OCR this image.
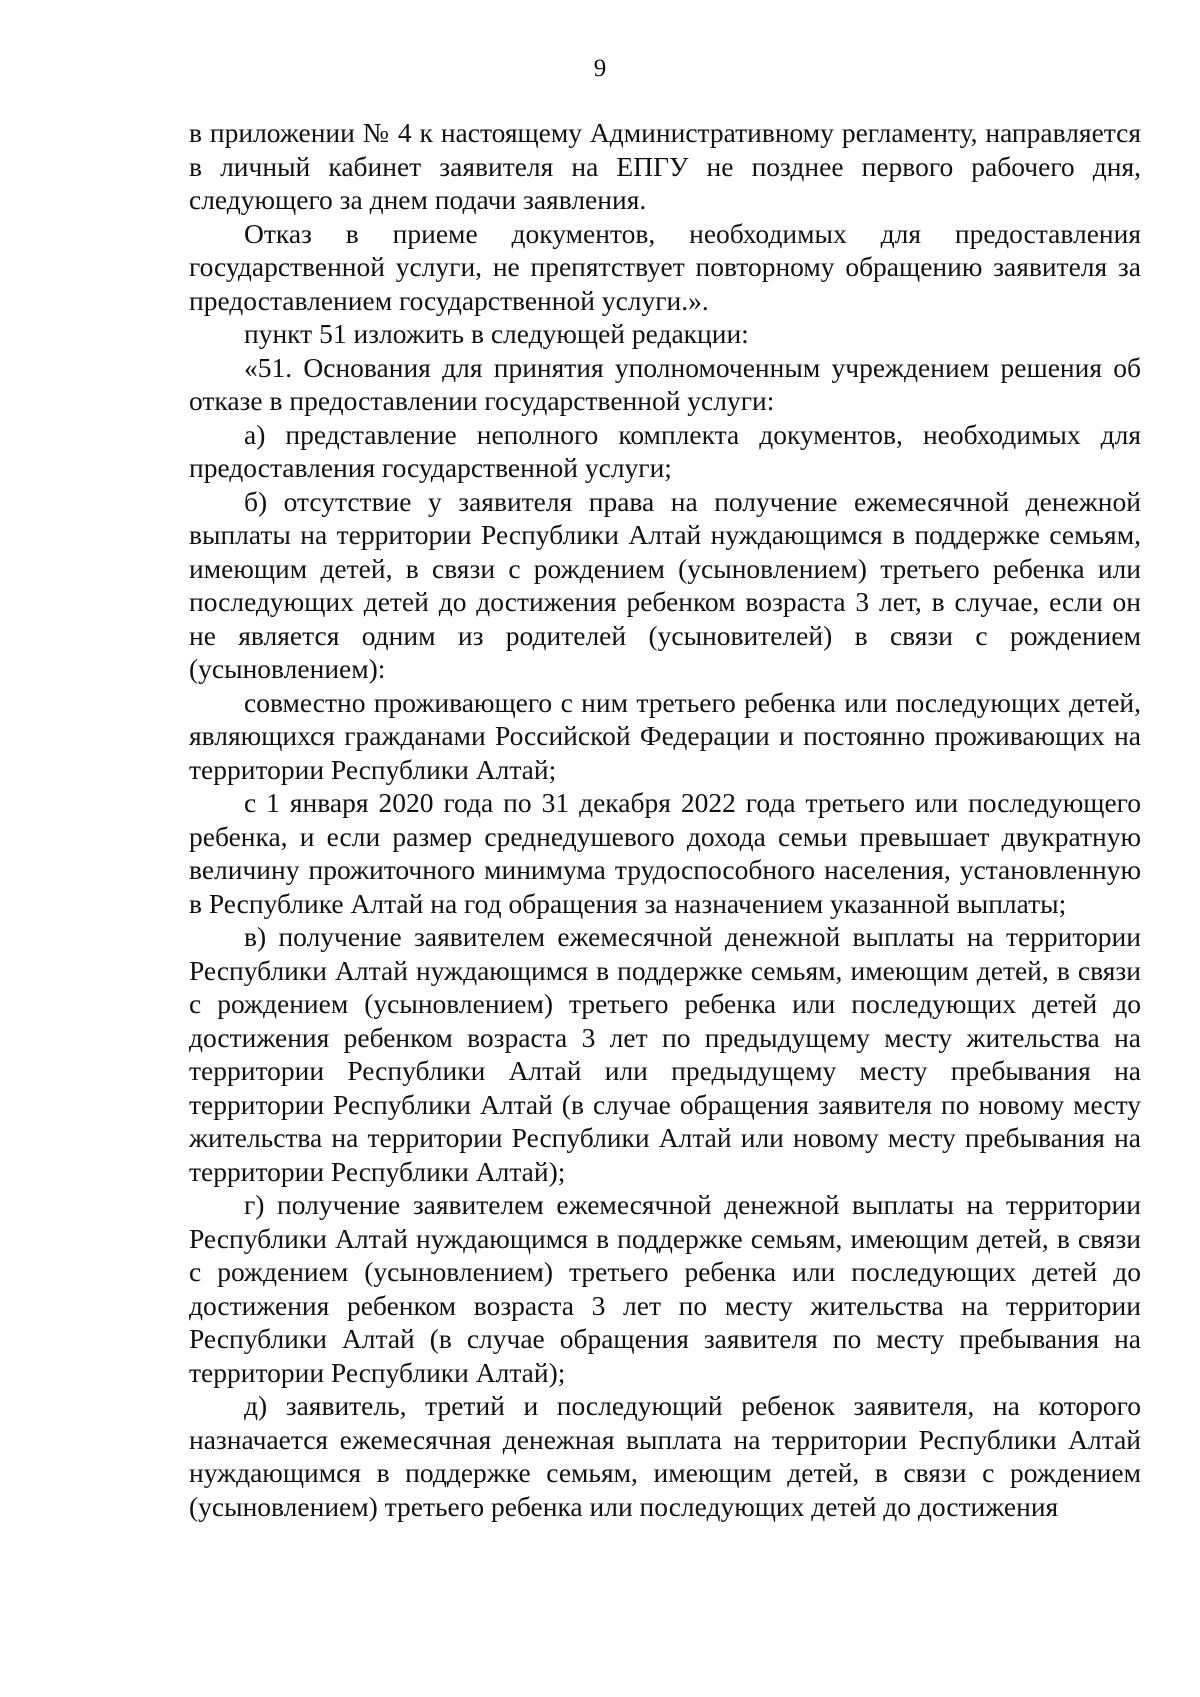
9

в приложении № 4 к настоящему Административному регламенту, направляется в личный кабинет заявителя на ЕПГУ не позднее первого рабочего дня, следующего за днем подачи заявления.

Отказ в приеме документов, необходимых для предоставления государственной услуги, не препятствует повторному обращению заявителя за предоставлением государственной услуги.».

пункт 51 изложить в следующей редакции:

«51. Основания для принятия уполномоченным учреждением решения об отказе в предоставлении государственной услуги:

а) представление неполного комплекта документов, необходимых для предоставления государственной услуги;

б) отсутствие у заявителя права на получение ежемесячной денежной выплаты на территории Республики Алтай нуждающимся в поддержке семьям, имеющим детей, в связи с рождением (усыновлением) третьего ребенка или последующих детей до достижения ребенком возраста 3 лет, в случае, если он не является одним из родителей (усыновителей) в связи с рождением (усыновлением):

совместно проживающего с ним третьего ребенка или последующих детей, являющихся гражданами Российской Федерации и постоянно проживающих на территории Республики Алтай;

с 1 января 2020 года по 31 декабря 2022 года третьего или последующего ребенка, и если размер среднедушевого дохода семьи превышает двукратную величину прожиточного минимума трудоспособного населения, установленную в Республике Алтай на год обращения за назначением указанной выплаты;

в) получение заявителем ежемесячной денежной выплаты на территории Республики Алтай нуждающимся в поддержке семьям, имеющим детей, в связи с рождением (усыновлением) третьего ребенка или последующих детей до достижения ребенком возраста 3 лет по предыдущему месту жительства на территории Республики Алтай или предыдущему месту пребывания на территории Республики Алтай (в случае обращения заявителя по новому месту жительства на территории Республики Алтай или новому месту пребывания на территории Республики Алтай);

г) получение заявителем ежемесячной денежной выплаты на территории Республики Алтай нуждающимся в поддержке семьям, имеющим детей, в связи с рождением (усыновлением) третьего ребенка или последующих детей до достижения ребенком возраста 3 лет по месту жительства на территории Республики Алтай (в случае обращения заявителя по месту пребывания на территории Республики Алтай);

д) заявитель, третий и последующий ребенок заявителя, на которого назначается ежемесячная денежная выплата на территории Республики Алтай нуждающимся в поддержке семьям, имеющим детей, в связи с рождением (усыновлением) третьего ребенка или последующих детей до достижения
